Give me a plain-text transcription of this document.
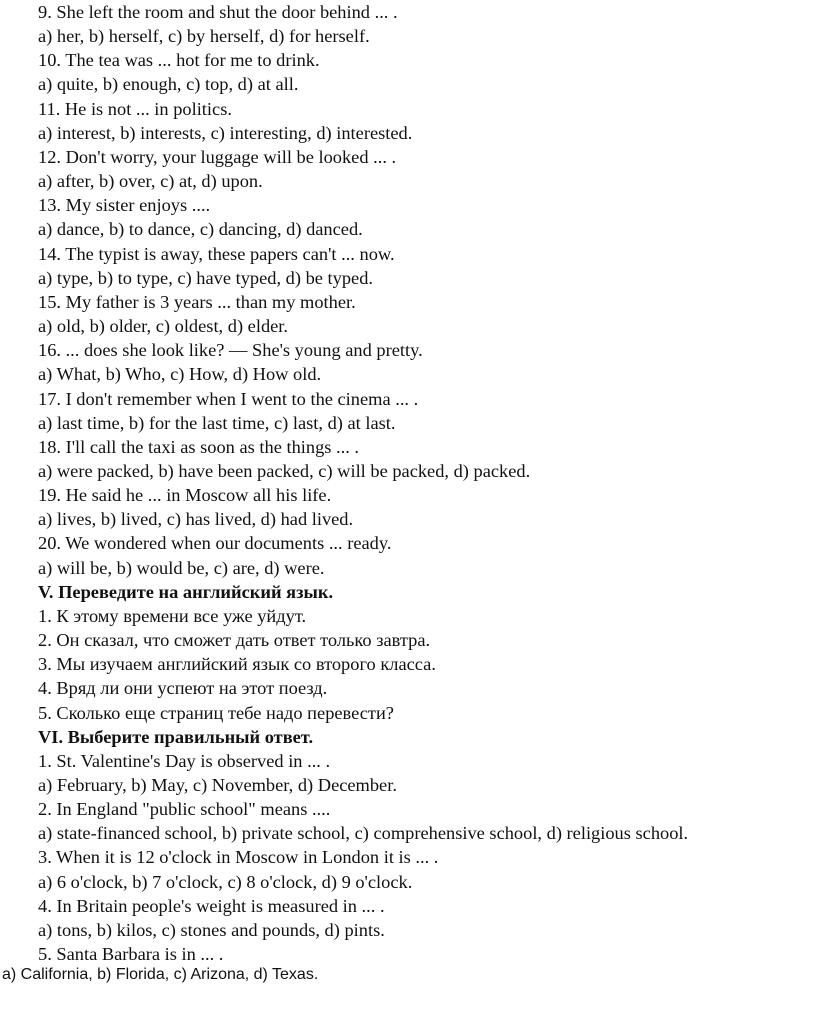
9. She left the room and shut the door behind ... .
a) her, b) herself, c) by herself, d) for herself.
10. The tea was ... hot for me to drink.
a) quite, b) enough, c) top, d) at all.
11. He is not ... in politics.
a) interest, b) interests, c) interesting, d) interested.
12. Don't worry, your luggage will be looked ... .
a) after, b) over, c) at, d) upon.
13. My sister enjoys ....
a) dance, b) to dance, c) dancing, d) danced.
14. The typist is away, these papers can't ... now.
a) type, b) to type, c) have typed, d) be typed.
15. My father is 3 years ... than my mother.
a) old, b) older, c) oldest, d) elder.
16. ... does she look like? — She's young and pretty.
a) What, b) Who, c) How, d) How old.
17. I don't remember when I went to the cinema ... .
a) last time, b) for the last time, c) last, d) at last.
18. I'll call the taxi as soon as the things ... .
a) were packed, b) have been packed, c) will be packed, d) packed.
19. He said he ... in Moscow all his life.
a) lives, b) lived, c) has lived, d) had lived.
20. We wondered when our documents ... ready.
a) will be, b) would be, c) are, d) were.
V. Переведите на английский язык.
1. К этому времени все уже уйдут.
2. Он сказал, что сможет дать ответ только завтра.
3. Мы изучаем английский язык со второго класса.
4. Вряд ли они успеют на этот поезд.
5. Сколько еще страниц тебе надо перевести?
VI. Выберите правильный ответ.
1. St. Valentine's Day is observed in ... .
a) February, b) May, c) November, d) December.
2. In England "public school" means ....
a) state-financed school, b) private school, c) comprehensive school, d) religious school.
3. When it is 12 o'clock in Moscow in London it is ... .
a) 6 o'clock, b) 7 o'clock, c) 8 o'clock, d) 9 o'clock.
4. In Britain people's weight is measured in ... .
a) tons, b) kilos, c) stones and pounds, d) pints.
5. Santa Barbara is in ... .
a) California, b) Florida, c) Arizona, d) Texas.
